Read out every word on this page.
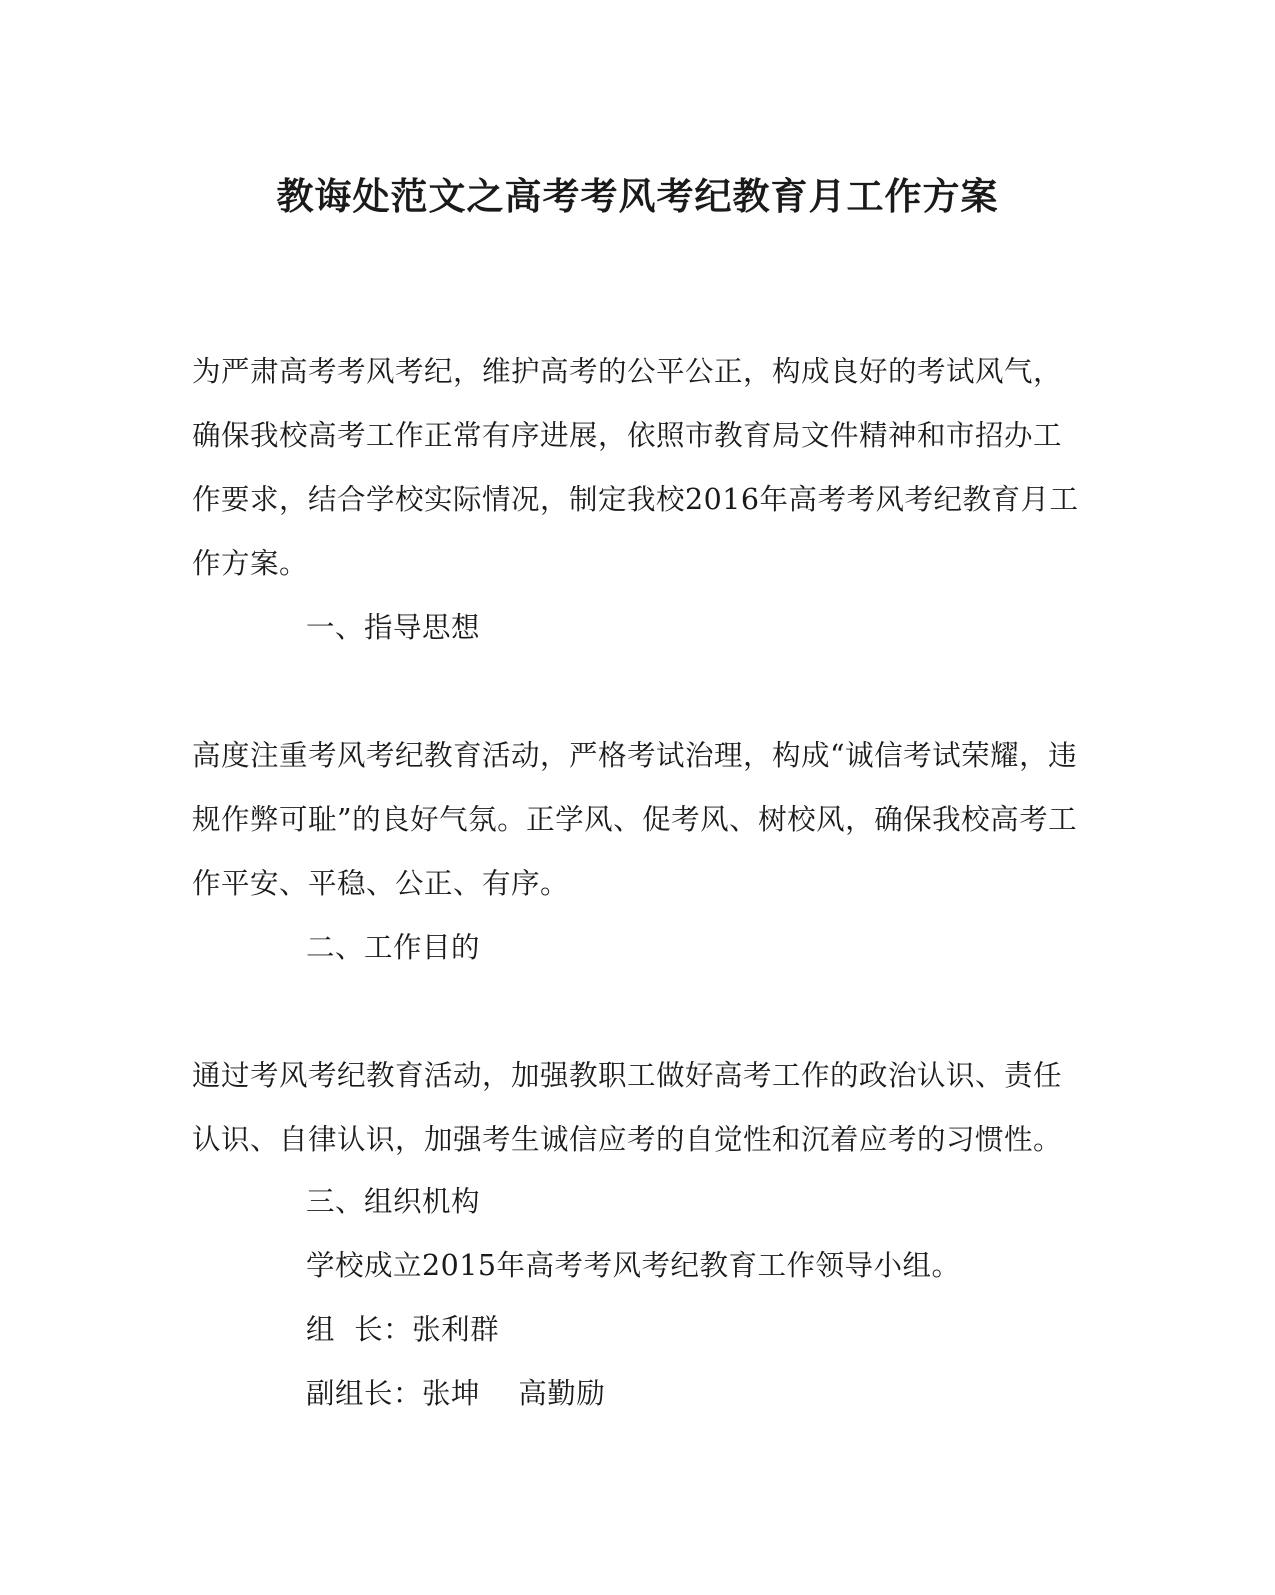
教诲处范文之高考考风考纪教育月工作方案

为严肃高考考风考纪，维护高考的公平公正，构成良好的考试风气，
确保我校高考工作正常有序进展，依照市教育局文件精神和市招办工
作要求，结合学校实际情况，制定我校2016年高考考风考纪教育月工
作方案。

一、指导思想

高度注重考风考纪教育活动，严格考试治理，构成“诚信考试荣耀，违
规作弊可耻”的良好气氛。正学风、促考风、树校风，确保我校高考工
作平安、平稳、公正、有序。

二、工作目的

通过考风考纪教育活动，加强教职工做好高考工作的政治认识、责任
认识、自律认识，加强考生诚信应考的自觉性和沉着应考的习惯性。

三、组织机构

学校成立2015年高考考风考纪教育工作领导小组。

组  长：张利群

副组长：张坤    高勤励
